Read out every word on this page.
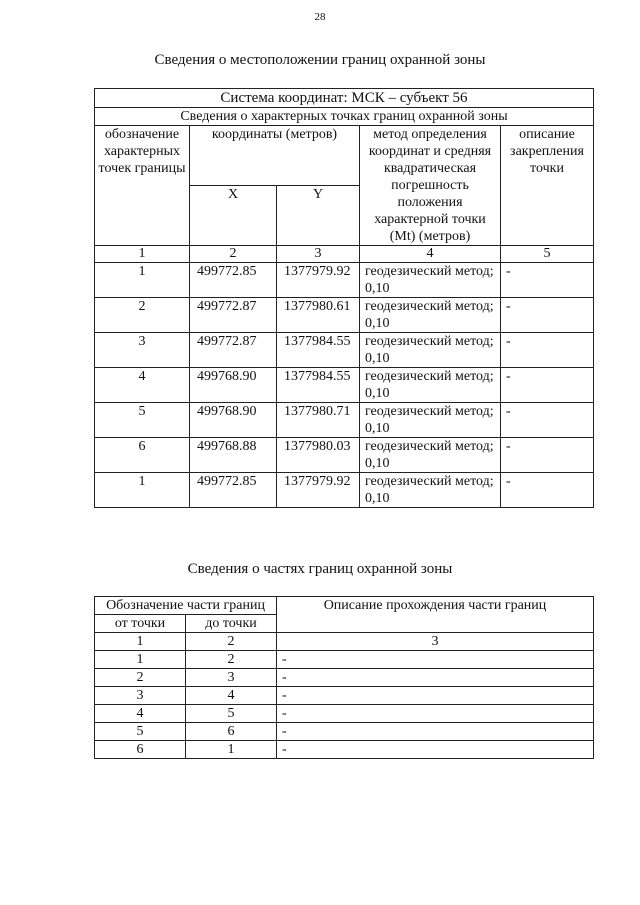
28
Сведения о местоположении границ охранной зоны
Система координат: МСК – субъект 56				
Сведения о характерных точках границ охранной зоны				
обозначение характерных точек границы	координаты (метров)		метод определения координат и средняя квадратическая погрешность положения характерной точки (Mt) (метров)	описание закрепления точки
	X	Y		
1	2	3	4	5
1	499772.85	1377979.92	геодезический метод; 0,10	-
2	499772.87	1377980.61	геодезический метод; 0,10	-
3	499772.87	1377984.55	геодезический метод; 0,10	-
4	499768.90	1377984.55	геодезический метод; 0,10	-
5	499768.90	1377980.71	геодезический метод; 0,10	-
6	499768.88	1377980.03	геодезический метод; 0,10	-
1	499772.85	1377979.92	геодезический метод; 0,10	-
Сведения о частях границ охранной зоны
Обозначение части границ		Описание прохождения части границ
от точки	до точки	
1	2	3
1	2	-
2	3	-
3	4	-
4	5	-
5	6	-
6	1	-
